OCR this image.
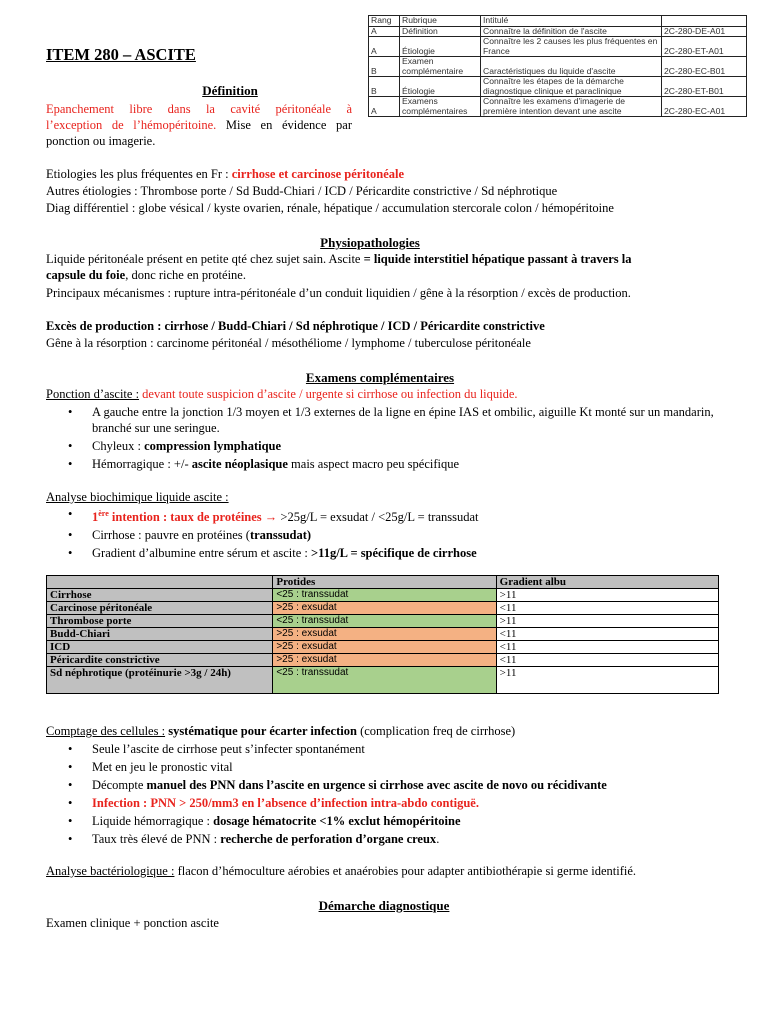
Rang	Rubrique	Intitulé	
A	Définition	Connaître la définition de l'ascite	2C-280-DE-A01
A	Étiologie	Connaître les 2 causes les plus fréquentes en France	2C-280-ET-A01
B	Examen complémentaire	Caractéristiques du liquide d'ascite	2C-280-EC-B01
B	Étiologie	Connaître les étapes de la démarche diagnostique clinique et paraclinique	2C-280-ET-B01
A	Examens complémentaires	Connaître les examens d'imagerie de première intention devant une ascite	2C-280-EC-A01
ITEM 280 – ASCITE
Définition
Epanchement libre dans la cavité péritonéale à
l’exception de l’hémopéritoine. Mise en évidence par
ponction ou imagerie.
Etiologies les plus fréquentes en Fr : cirrhose et carcinose péritonéale
Autres étiologies : Thrombose porte / Sd Budd-Chiari / ICD / Péricardite constrictive / Sd néphrotique
Diag différentiel : globe vésical / kyste ovarien, rénale, hépatique / accumulation stercorale colon / hémopéritoine
Physiopathologies
Liquide péritonéale présent en petite qté chez sujet sain. Ascite = liquide interstitiel hépatique passant à travers la
capsule du foie, donc riche en protéine.
Principaux mécanismes : rupture intra-péritonéale d’un conduit liquidien / gêne à la résorption / excès de production.
Excès de production : cirrhose / Budd-Chiari / Sd néphrotique / ICD / Péricardite constrictive
Gêne à la résorption : carcinome péritonéal / mésothéliome / lymphome / tuberculose péritonéale
Examens complémentaires
Ponction d’ascite : devant toute suspicion d’ascite / urgente si cirrhose ou infection du liquide.
• A gauche entre la jonction 1/3 moyen et 1/3 externes de la ligne en épine IAS et ombilic, aiguille Kt monté sur un mandarin, branché sur une seringue.
• Chyleux : compression lymphatique
• Hémorragique : +/- ascite néoplasique mais aspect macro peu spécifique
Analyse biochimique liquide ascite :
• 1ère intention : taux de protéines → >25g/L = exsudat / <25g/L = transsudat
• Cirrhose : pauvre en protéines (transsudat)
• Gradient d’albumine entre sérum et ascite : >11g/L = spécifique de cirrhose
	Protides	Gradient albu
Cirrhose	<25 : transsudat	>11
Carcinose péritonéale	>25 : exsudat	<11
Thrombose porte	<25 : transsudat	>11
Budd-Chiari	>25 : exsudat	<11
ICD	>25 : exsudat	<11
Péricardite constrictive	>25 : exsudat	<11
Sd néphrotique (protéinurie >3g / 24h)	<25 : transsudat	>11
Comptage des cellules : systématique pour écarter infection (complication freq de cirrhose)
• Seule l’ascite de cirrhose peut s’infecter spontanément
• Met en jeu le pronostic vital
• Décompte manuel des PNN dans l’ascite en urgence si cirrhose avec ascite de novo ou récidivante
• Infection : PNN > 250/mm3 en l’absence d’infection intra-abdo contiguë.
• Liquide hémorragique : dosage hématocrite <1% exclut hémopéritoine
• Taux très élevé de PNN : recherche de perforation d’organe creux.
Analyse bactériologique : flacon d’hémoculture aérobies et anaérobies pour adapter antibiothérapie si germe identifié.
Démarche diagnostique
Examen clinique + ponction ascite
